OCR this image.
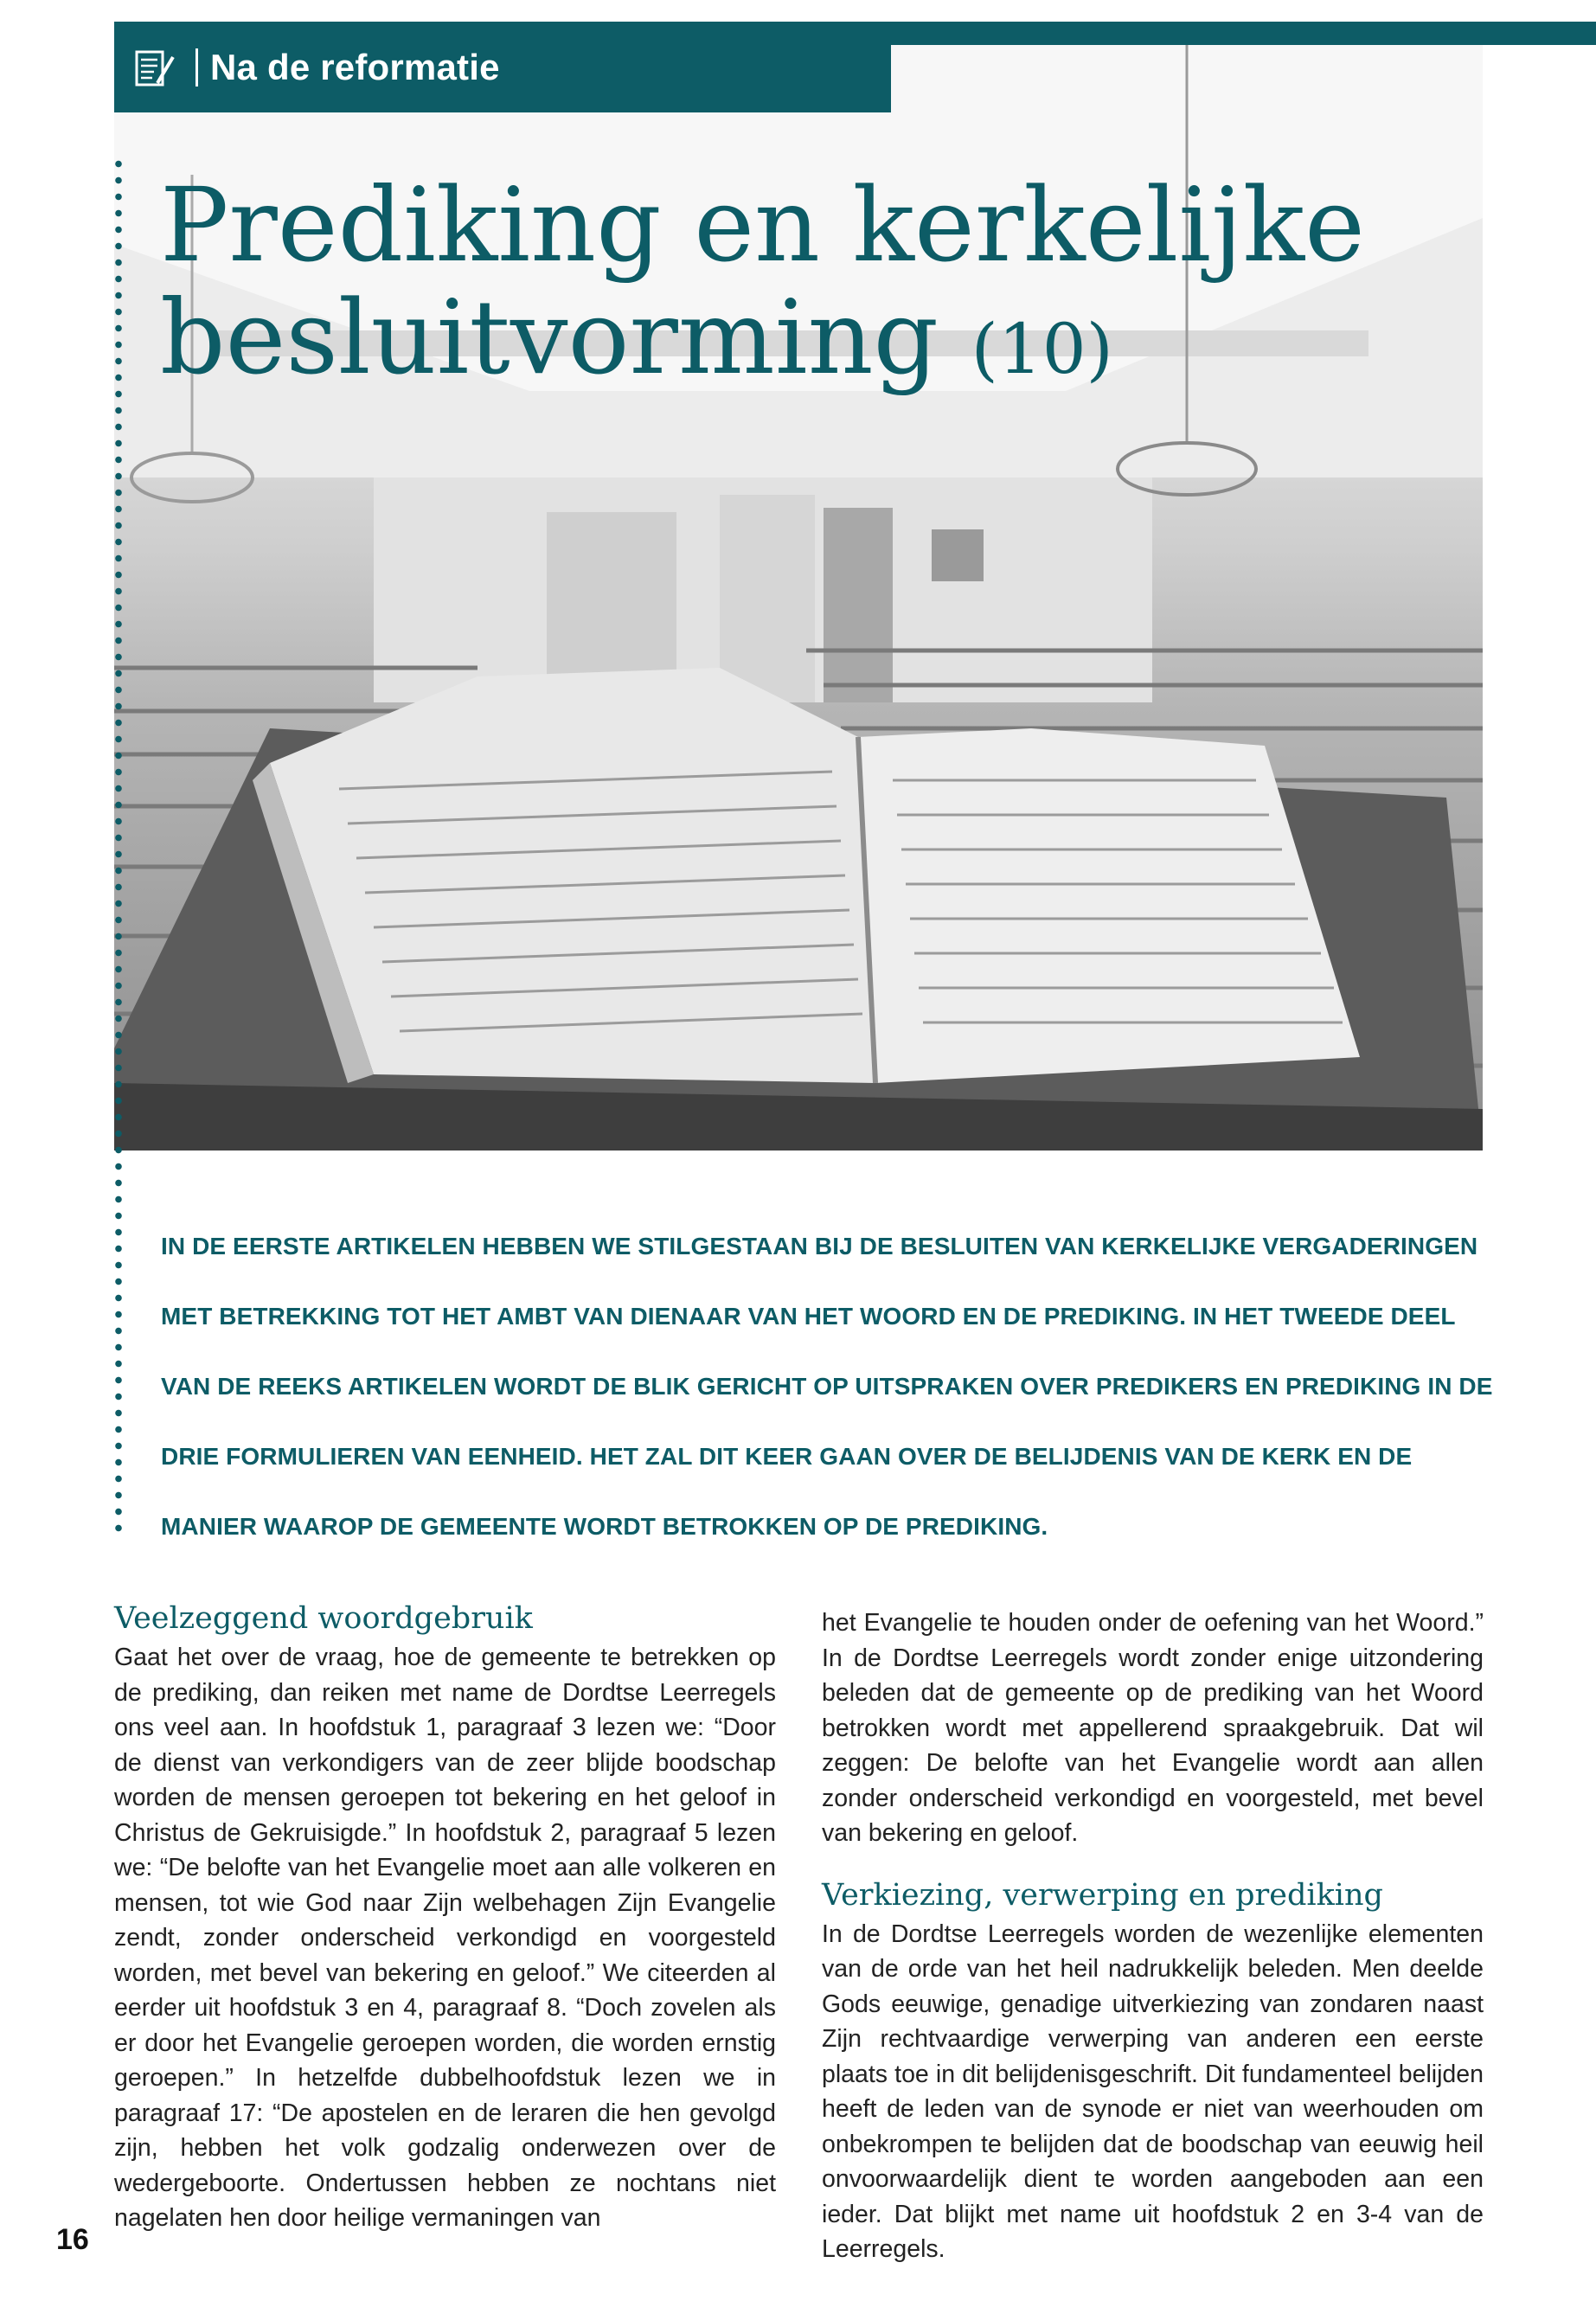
Na de reformatie
Prediking en kerkelijke
besluitvorming (10)

IN DE EERSTE ARTIKELEN HEBBEN WE STILGESTAAN BIJ DE BESLUITEN VAN KERKELIJKE VERGADERINGEN MET BETREKKING TOT HET AMBT VAN DIENAAR VAN HET WOORD EN DE PREDIKING. IN HET TWEEDE DEEL VAN DE REEKS ARTIKELEN WORDT DE BLIK GERICHT OP UITSPRAKEN OVER PREDIKERS EN PREDIKING IN DE DRIE FORMULIEREN VAN EENHEID. HET ZAL DIT KEER GAAN OVER DE BELIJDENIS VAN DE KERK EN DE MANIER WAAROP DE GEMEENTE WORDT BETROKKEN OP DE PREDIKING.

Veelzeggend woordgebruik

Gaat het over de vraag, hoe de gemeente te betrekken op de prediking, dan reiken met name de Dordtse Leerregels ons veel aan. In hoofdstuk 1, paragraaf 3 lezen we: “Door de dienst van verkondigers van de zeer blijde boodschap worden de mensen geroepen tot bekering en het geloof in Christus de Gekruisigde.” In hoofdstuk 2, paragraaf 5 lezen we: “De belofte van het Evangelie moet aan alle volkeren en mensen, tot wie God naar Zijn welbehagen Zijn Evangelie zendt, zonder onderscheid verkondigd en voorgesteld worden, met bevel van bekering en geloof.” We citeerden al eerder uit hoofdstuk 3 en 4, paragraaf 8. “Doch zovelen als er door het Evangelie geroepen worden, die worden ernstig geroepen.” In hetzelfde dubbelhoofdstuk lezen we in paragraaf 17: “De apostelen en de leraren die hen gevolgd zijn, hebben het volk godzalig onderwezen over de wedergeboorte. Ondertussen hebben ze nochtans niet nagelaten hen door heilige vermaningen van

het Evangelie te houden onder de oefening van het Woord.” In de Dordtse Leerregels wordt zonder enige uitzondering beleden dat de gemeente op de prediking van het Woord betrokken wordt met appellerend spraakgebruik. Dat wil zeggen: De belofte van het Evangelie wordt aan allen zonder onderscheid verkondigd en voorgesteld, met bevel van bekering en geloof.

Verkiezing, verwerping en prediking

In de Dordtse Leerregels worden de wezenlijke elementen van de orde van het heil nadrukkelijk beleden. Men deelde Gods eeuwige, genadige uitverkiezing van zondaren naast Zijn rechtvaardige verwerping van anderen een eerste plaats toe in dit belijdenisgeschrift. Dit fundamenteel belijden heeft de leden van de synode er niet van weerhouden om onbekrompen te belijden dat de boodschap van eeuwig heil onvoorwaardelijk dient te worden aangeboden aan een ieder. Dat blijkt met name uit hoofdstuk 2 en 3-4 van de Leerregels.

16
